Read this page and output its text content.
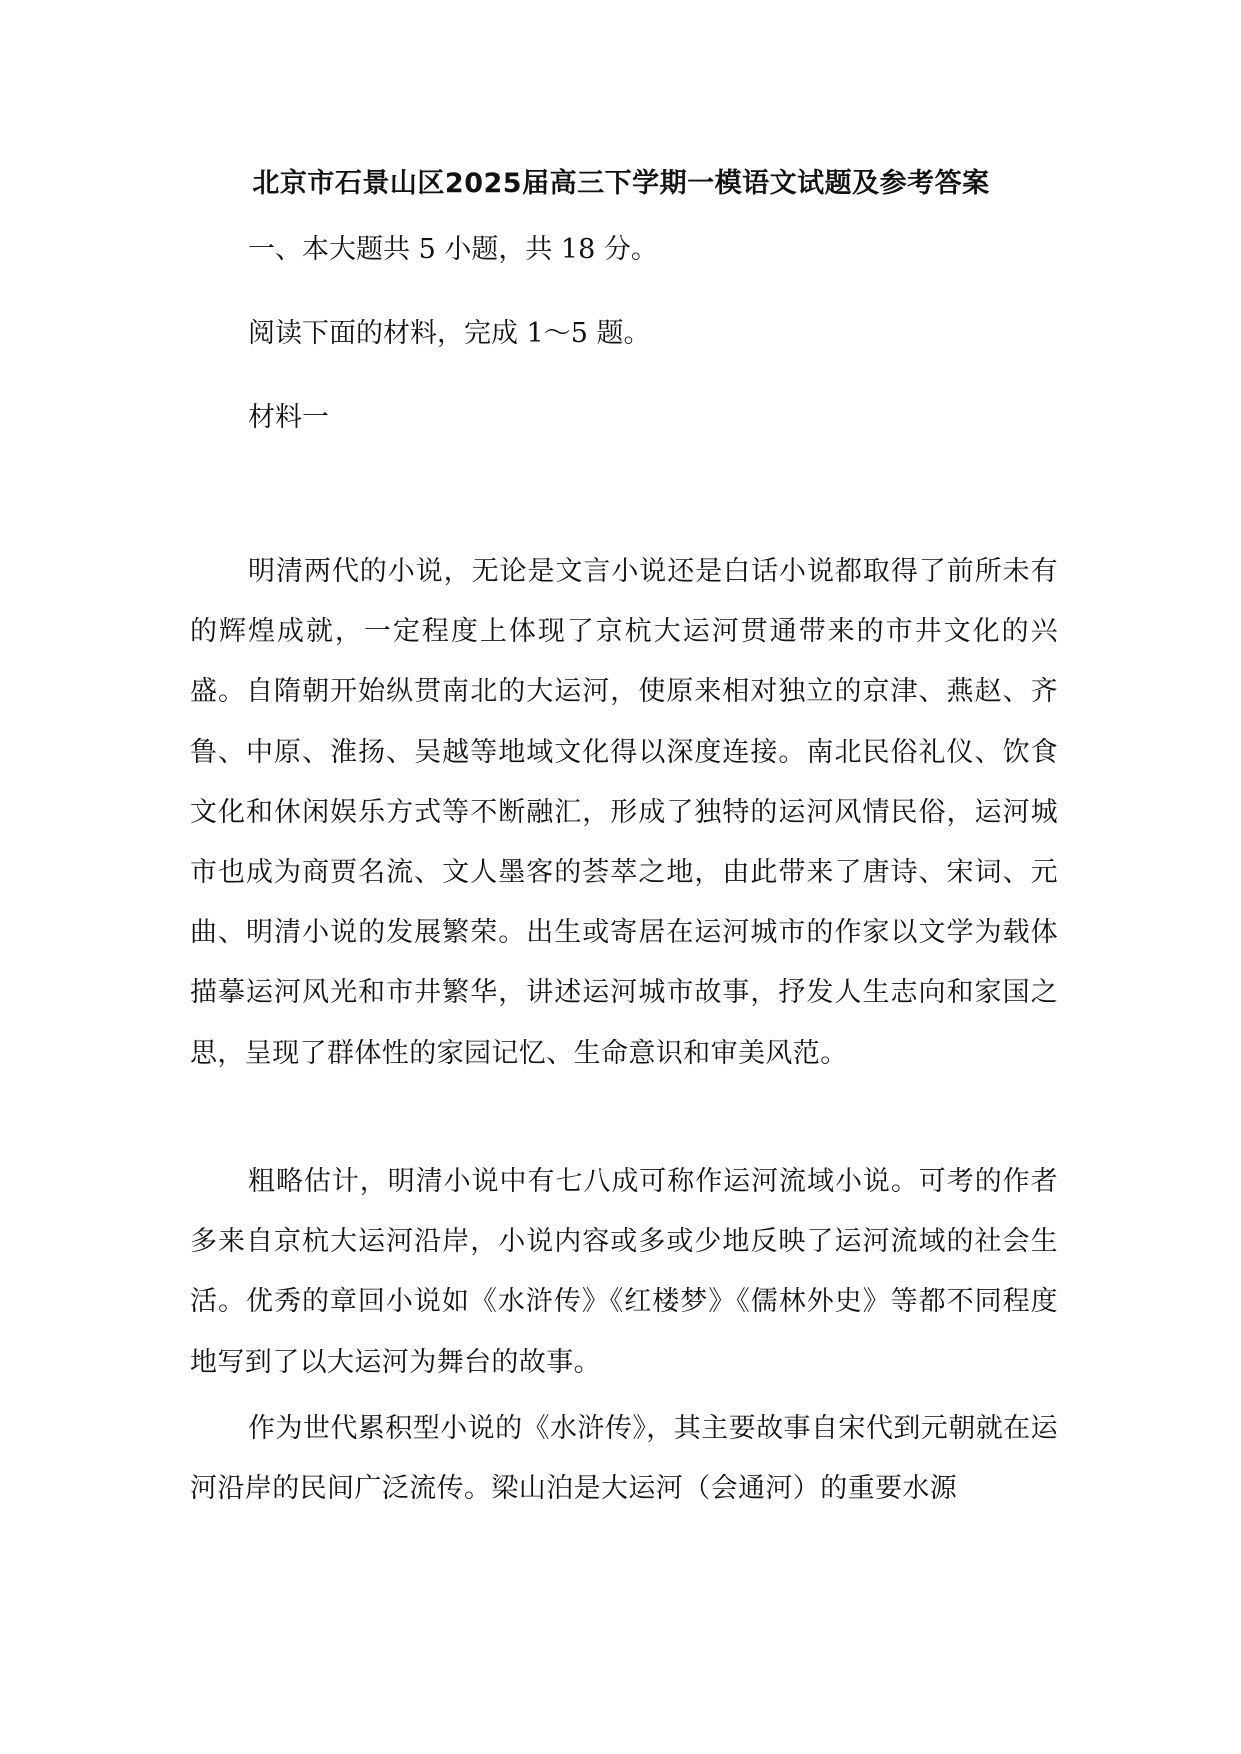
北京市石景山区2025届高三下学期一模语文试题及参考答案
一、本大题共 5 小题，共 18 分。
阅读下面的材料，完成 1～5 题。
材料一
明清两代的小说，无论是文言小说还是白话小说都取得了前所未有的辉煌成就，一定程度上体现了京杭大运河贯通带来的市井文化的兴盛。自隋朝开始纵贯南北的大运河，使原来相对独立的京津、燕赵、齐鲁、中原、淮扬、吴越等地域文化得以深度连接。南北民俗礼仪、饮食文化和休闲娱乐方式等不断融汇，形成了独特的运河风情民俗，运河城市也成为商贾名流、文人墨客的荟萃之地，由此带来了唐诗、宋词、元曲、明清小说的发展繁荣。出生或寄居在运河城市的作家以文学为载体描摹运河风光和市井繁华，讲述运河城市故事，抒发人生志向和家国之思，呈现了群体性的家园记忆、生命意识和审美风范。
粗略估计，明清小说中有七八成可称作运河流域小说。可考的作者多来自京杭大运河沿岸，小说内容或多或少地反映了运河流域的社会生活。优秀的章回小说如《水浒传》《红楼梦》《儒林外史》等都不同程度地写到了以大运河为舞台的故事。
作为世代累积型小说的《水浒传》，其主要故事自宋代到元朝就在运河沿岸的民间广泛流传。梁山泊是大运河（会通河）的重要水源
